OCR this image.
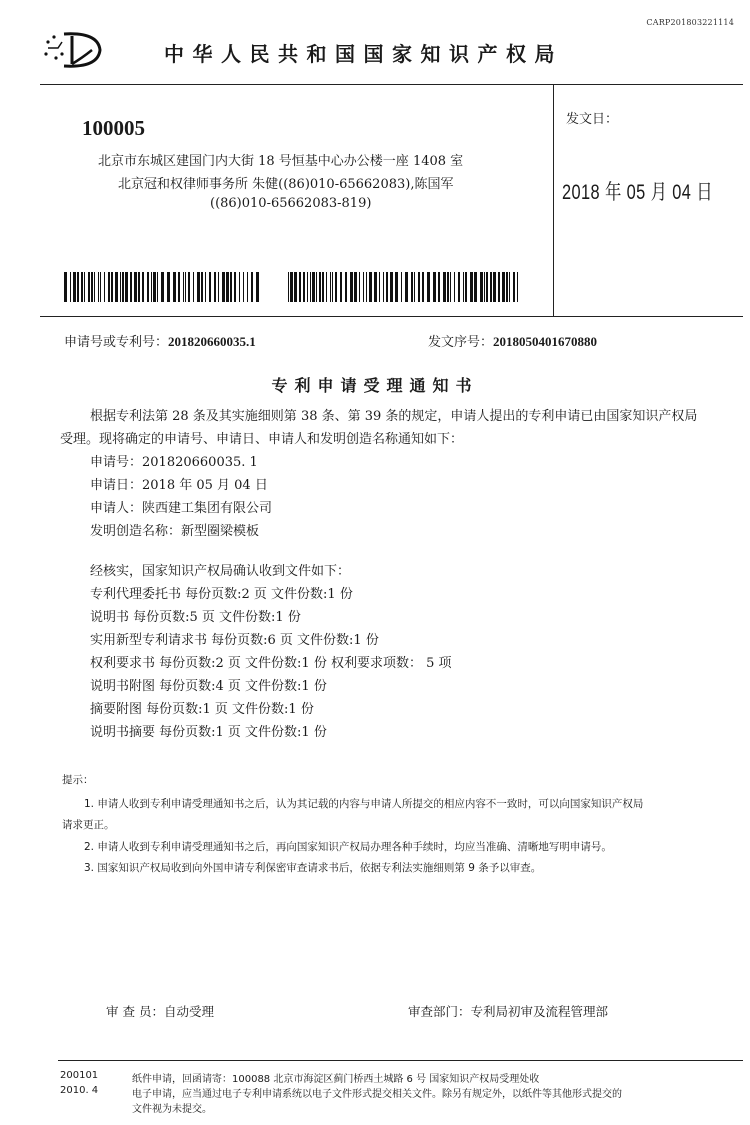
CARP201803221114
中华人民共和国国家知识产权局
100005
北京市东城区建国门内大街 18 号恒基中心办公楼一座 1408 室
北京冠和权律师事务所 朱健((86)010-65662083),陈国军
((86)010-65662083-819)
发文日：
2018 年 05 月 04 日
申请号或专利号：201820660035.1	发文序号：2018050401670880
专利申请受理通知书
根据专利法第 28 条及其实施细则第 38 条、第 39 条的规定，申请人提出的专利申请已由国家知识产权局
受理。现将确定的申请号、申请日、申请人和发明创造名称通知如下：
申请号：201820660035. 1
申请日：2018 年 05 月 04 日
申请人：陕西建工集团有限公司
发明创造名称：新型圈梁模板
经核实，国家知识产权局确认收到文件如下：
专利代理委托书 每份页数:2 页 文件份数:1 份
说明书 每份页数:5 页 文件份数:1 份
实用新型专利请求书 每份页数:6 页 文件份数:1 份
权利要求书 每份页数:2 页 文件份数:1 份 权利要求项数： 5 项
说明书附图 每份页数:4 页 文件份数:1 份
摘要附图 每份页数:1 页 文件份数:1 份
说明书摘要 每份页数:1 页 文件份数:1 份
提示：
1. 申请人收到专利申请受理通知书之后，认为其记载的内容与申请人所提交的相应内容不一致时，可以向国家知识产权局
请求更正。
2. 申请人收到专利申请受理通知书之后，再向国家知识产权局办理各种手续时，均应当准确、清晰地写明申请号。
3. 国家知识产权局收到向外国申请专利保密审查请求书后，依据专利法实施细则第 9 条予以审查。
审 查 员：自动受理	审查部门：专利局初审及流程管理部
200101
2010. 4
纸件申请，回函请寄：100088 北京市海淀区蓟门桥西土城路 6 号 国家知识产权局受理处收
电子申请，应当通过电子专利申请系统以电子文件形式提交相关文件。除另有规定外，以纸件等其他形式提交的
文件视为未提交。
